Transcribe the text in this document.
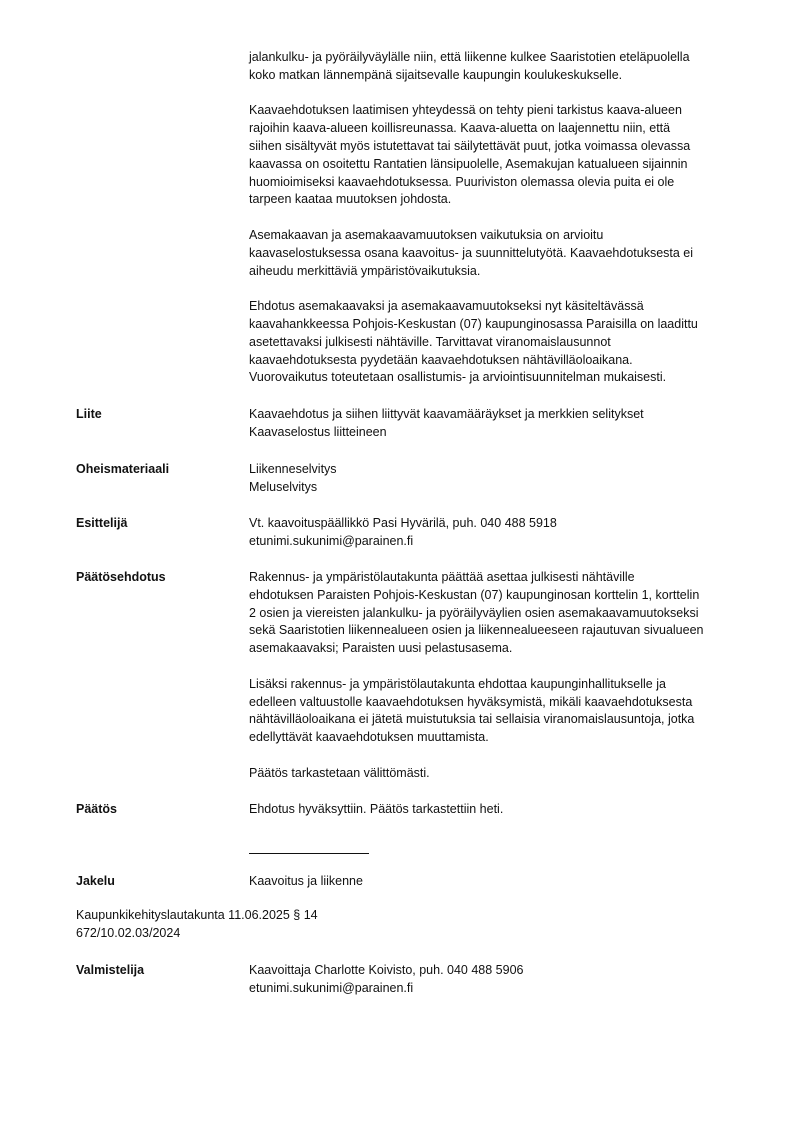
jalankulku- ja pyöräilyväylälle niin, että liikenne kulkee Saaristotien eteläpuolella
koko matkan lännempänä sijaitsevalle kaupungin koulukeskukselle.

Kaavaehdotuksen laatimisen yhteydessä on tehty pieni tarkistus kaava-alueen
rajoihin kaava-alueen koillisreunassa. Kaava-aluetta on laajennettu niin, että
siihen sisältyvät myös istutettavat tai säilytettävät puut, jotka voimassa olevassa
kaavassa on osoitettu Rantatien länsipuolelle, Asemakujan katualueen sijainnin
huomioimiseksi kaavaehdotuksessa. Puuriviston olemassa olevia puita ei ole
tarpeen kaataa muutoksen johdosta.

Asemakaavan ja asemakaavamuutoksen vaikutuksia on arvioitu
kaavaselostuksessa osana kaavoitus- ja suunnittelutyötä. Kaavaehdotuksesta ei
aiheudu merkittäviä ympäristövaikutuksia.

Ehdotus asemakaavaksi ja asemakaavamuutokseksi nyt käsiteltävässä
kaavahankkeessa Pohjois-Keskustan (07) kaupunginosassa Paraisilla on laadittu
asetettavaksi julkisesti nähtäville. Tarvittavat viranomaislausunnot
kaavaehdotuksesta pyydetään kaavaehdotuksen nähtävilläoloaikana.
Vuorovaikutus toteutetaan osallistumis- ja arviointisuunnitelman mukaisesti.

Liite	Kaavaehdotus ja siihen liittyvät kaavamääräykset ja merkkien selitykset
Kaavaselostus liitteineen
Oheismateriaali	Liikenneselvitys
Meluselvitys
Esittelijä	Vt. kaavoituspäällikkö Pasi Hyvärilä, puh. 040 488 5918
etunimi.sukunimi@parainen.fi
Päätösehdotus	Rakennus- ja ympäristölautakunta päättää asettaa julkisesti nähtäville
ehdotuksen Paraisten Pohjois-Keskustan (07) kaupunginosan korttelin 1, korttelin
2 osien ja viereisten jalankulku- ja pyöräilyväylien osien asemakaavamuutokseksi
sekä Saaristotien liikennealueen osien ja liikennealueeseen rajautuvan sivualueen
asemakaavaksi; Paraisten uusi pelastusasema.

Lisäksi rakennus- ja ympäristölautakunta ehdottaa kaupunginhallitukselle ja
edelleen valtuustolle kaavaehdotuksen hyväksymistä, mikäli kaavaehdotuksesta
nähtävilläoloaikana ei jätetä muistutuksia tai sellaisia viranomaislausuntoja, jotka
edellyttävät kaavaehdotuksen muuttamista.

Päätös tarkastetaan välittömästi.

Päätös	Ehdotus hyväksyttiin. Päätös tarkastettiin heti.
Jakelu	Kaavoitus ja liikenne
Kaupunkikehityslautakunta 11.06.2025 § 14
672/10.02.03/2024
Valmistelija	Kaavoittaja Charlotte Koivisto, puh. 040 488 5906
etunimi.sukunimi@parainen.fi
